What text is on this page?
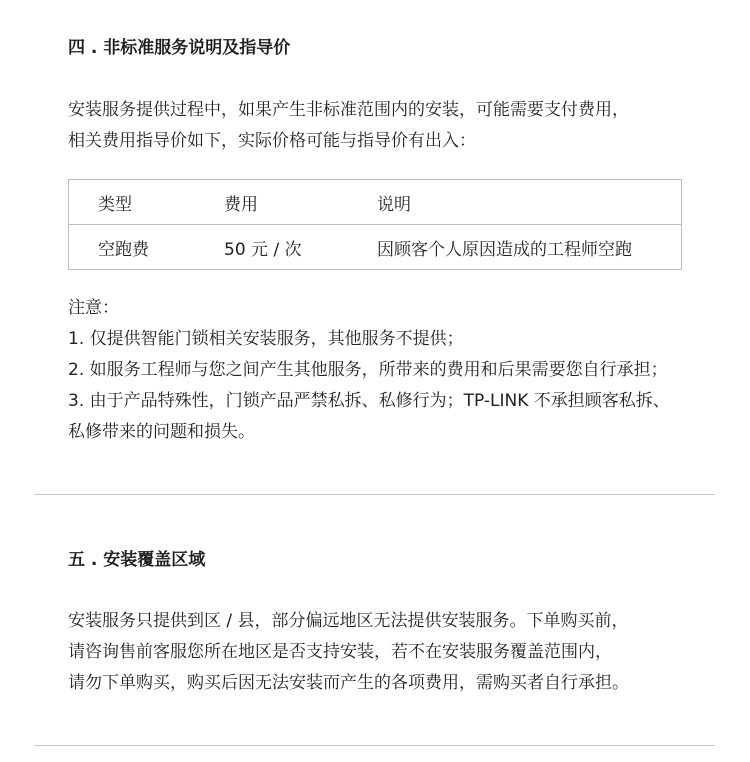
四 . 非标准服务说明及指导价
安装服务提供过程中，如果产生非标准范围内的安装，可能需要支付费用，
相关费用指导价如下，实际价格可能与指导价有出入：
类型	费用	说明
空跑费	50 元 / 次	因顾客个人原因造成的工程师空跑
注意：
1. 仅提供智能门锁相关安装服务，其他服务不提供；
2. 如服务工程师与您之间产生其他服务，所带来的费用和后果需要您自行承担；
3. 由于产品特殊性，门锁产品严禁私拆、私修行为；TP-LINK 不承担顾客私拆、
私修带来的问题和损失。
五 . 安装覆盖区域
安装服务只提供到区 / 县，部分偏远地区无法提供安装服务。下单购买前，
请咨询售前客服您所在地区是否支持安装，若不在安装服务覆盖范围内，
请勿下单购买，购买后因无法安装而产生的各项费用，需购买者自行承担。
